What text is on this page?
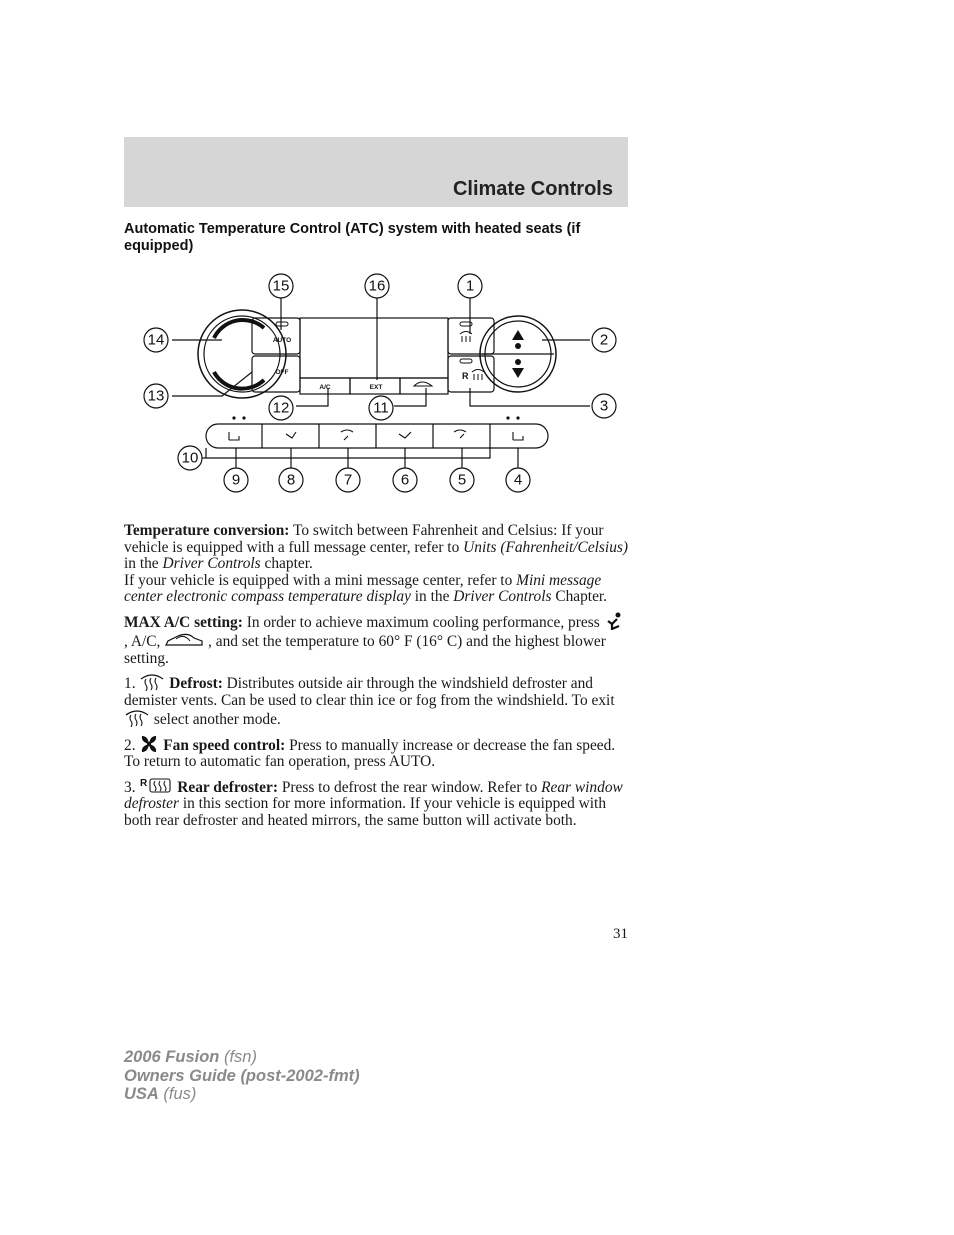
Climate Controls
Automatic Temperature Control (ATC) system with heated seats (if equipped)
AUTO
OFF
A/C	EXT
R
15	16	1
14	2
13
12	11	3
10
9	8	7	6	5	4

Temperature conversion: To switch between Fahrenheit and Celsius: If your vehicle is equipped with a full message center, refer to Units (Fahrenheit/Celsius) in the Driver Controls chapter.
If your vehicle is equipped with a mini message center, refer to Mini message center electronic compass temperature display in the Driver Controls Chapter.

MAX A/C setting: In order to achieve maximum cooling performance, press  , A/C,	, and set the temperature to 60° F (16° C) and the highest blower setting.

1. Defrost: Distributes outside air through the windshield defroster and demister vents. Can be used to clear thin ice or fog from the windshield. To exit  select another mode.

2. Fan speed control: Press to manually increase or decrease the fan speed. To return to automatic fan operation, press AUTO.

3. R Rear defroster: Press to defrost the rear window. Refer to Rear window defroster in this section for more information. If your vehicle is equipped with both rear defroster and heated mirrors, the same button will activate both.

31
2006 Fusion (fsn)
Owners Guide (post-2002-fmt)
USA (fus)
